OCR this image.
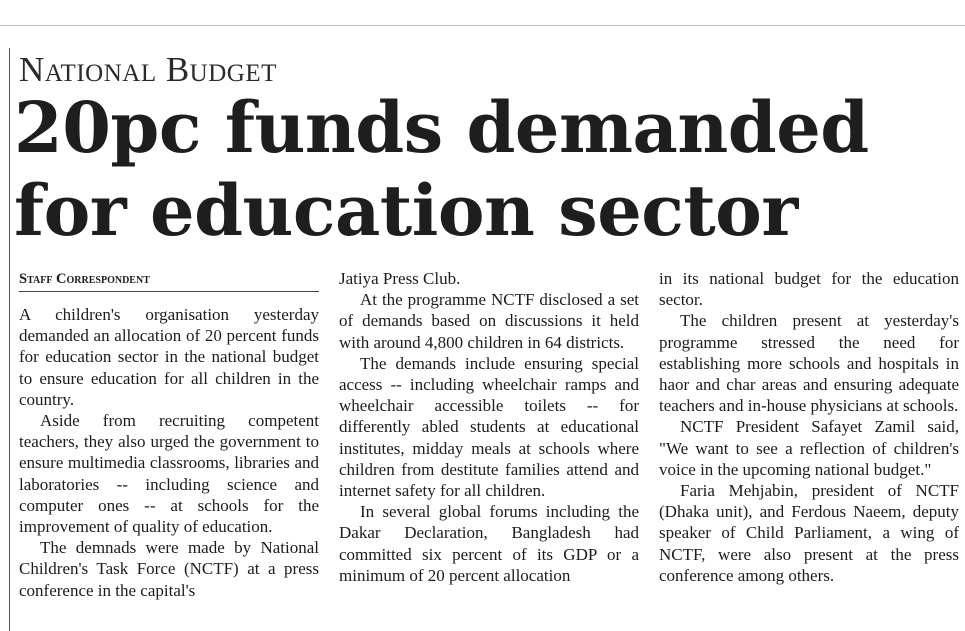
National Budget
20pc funds demanded for education sector
Staff Correspondent

A children's organisation yesterday demanded an allocation of 20 percent funds for education sector in the national budget to ensure education for all children in the country.

Aside from recruiting competent teachers, they also urged the government to ensure multimedia classrooms, libraries and laboratories -- including science and computer ones -- at schools for the improvement of quality of education.

The demnads were made by National Children's Task Force (NCTF) at a press conference in the capital's

Jatiya Press Club.

At the programme NCTF disclosed a set of demands based on discussions it held with around 4,800 children in 64 districts.

The demands include ensuring special access -- including wheelchair ramps and wheelchair accessible toilets -- for differently abled students at educational institutes, midday meals at schools where children from destitute families attend and internet safety for all children.

In several global forums including the Dakar Declaration, Bangladesh had committed six percent of its GDP or a minimum of 20 percent allocation

in its national budget for the education sector.

The children present at yesterday's programme stressed the need for establishing more schools and hospitals in haor and char areas and ensuring adequate teachers and in-house physicians at schools.

NCTF President Safayet Zamil said, "We want to see a reflection of children's voice in the upcoming national budget."

Faria Mehjabin, president of NCTF (Dhaka unit), and Ferdous Naeem, deputy speaker of Child Parliament, a wing of NCTF, were also present at the press conference among others.
